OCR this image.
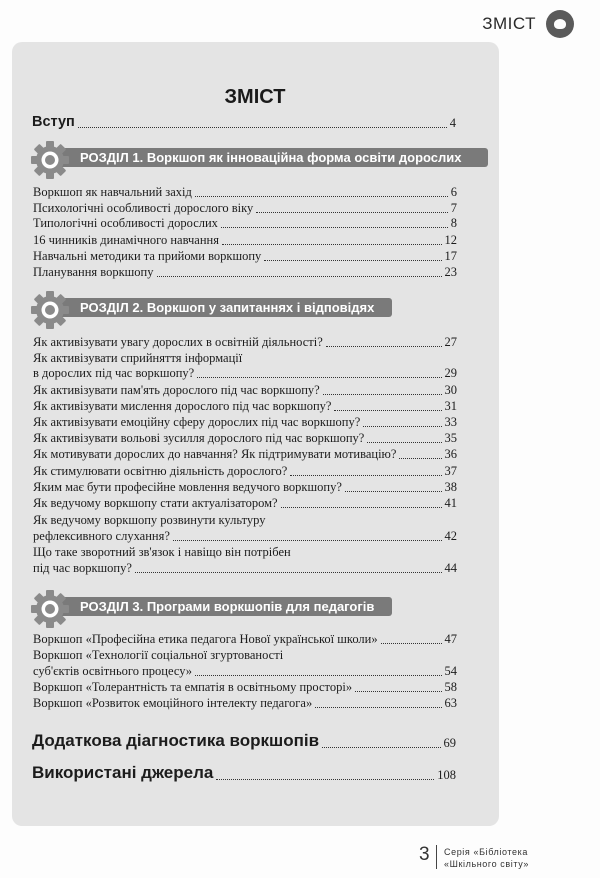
ЗМІСТ
ЗМІСТ
Вступ	4
РОЗДІЛ 1. Воркшоп як інноваційна форма освіти дорослих
Воркшоп як навчальний захід	6
Психологічні особливості дорослого віку	7
Типологічні особливості дорослих	8
16 чинників динамічного навчання	12
Навчальні методики та прийоми воркшопу	17
Планування воркшопу	23
РОЗДІЛ 2. Воркшоп у запитаннях і відповідях
Як активізувати увагу дорослих в освітній діяльності?	27
Як активізувати сприйняття інформації
в дорослих під час воркшопу?	29
Як активізувати пам'ять дорослого під час воркшопу?	30
Як активізувати мислення дорослого під час воркшопу?	31
Як активізувати емоційну сферу дорослих під час воркшопу?	33
Як активізувати вольові зусилля дорослого під час воркшопу?	35
Як мотивувати дорослих до навчання? Як підтримувати мотивацію?	36
Як стимулювати освітню діяльність дорослого?	37
Яким має бути професійне мовлення ведучого воркшопу?	38
Як ведучому воркшопу стати актуалізатором?	41
Як ведучому воркшопу розвинути культуру
рефлексивного слухання?	42
Що таке зворотний зв'язок і навіщо він потрібен
під час воркшопу?	44
РОЗДІЛ 3. Програми воркшопів для педагогів
Воркшоп «Професійна етика педагога Нової української школи»	47
Воркшоп «Технології соціальної згуртованості
суб'єктів освітнього процесу»	54
Воркшоп «Толерантність та емпатія в освітньому просторі»	58
Воркшоп «Розвиток емоційного інтелекту педагога»	63
Додаткова діагностика воркшопів	69
Використані джерела	108
3 Серія «Бібліотека
«Шкільного світу»
